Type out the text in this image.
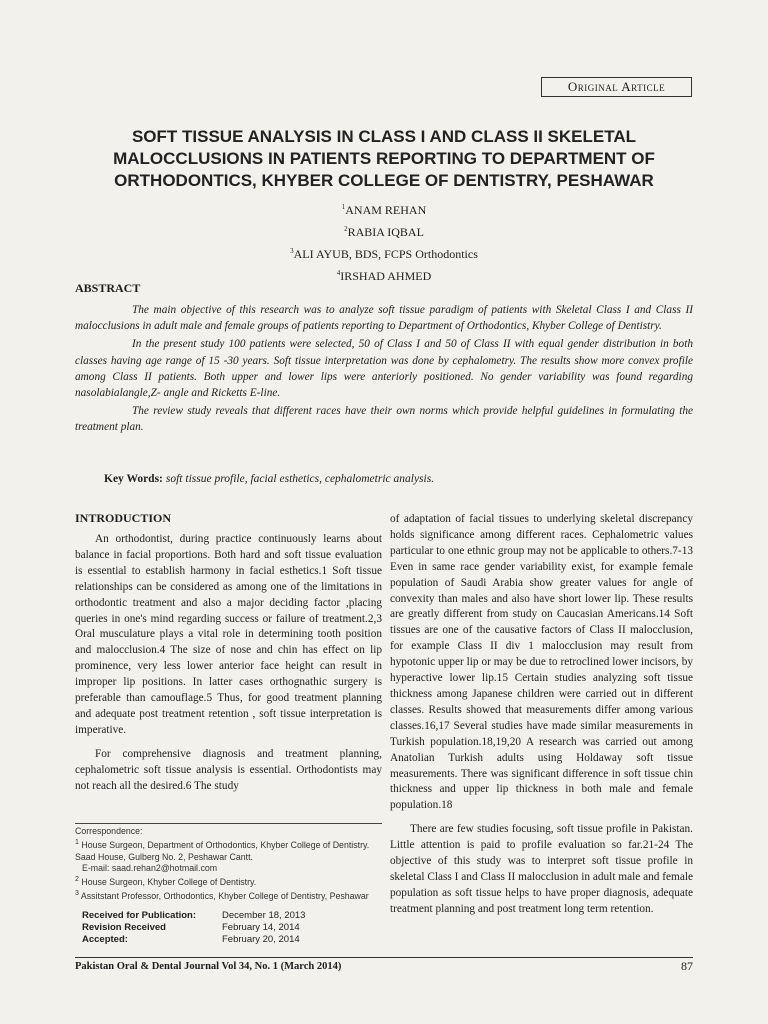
Original Article
SOFT TISSUE ANALYSIS IN CLASS I AND CLASS II SKELETAL MALOCCLUSIONS IN PATIENTS REPORTING TO DEPARTMENT OF ORTHODONTICS, KHYBER COLLEGE OF DENTISTRY, PESHAWAR
$^1$ANAM REHAN
$^2$RABIA IQBAL
$^3$ALI AYUB, BDS, FCPS Orthodontics
$^4$IRSHAD AHMED
ABSTRACT

The main objective of this research was to analyze soft tissue paradigm of patients with Skeletal Class I and Class II malocclusions in adult male and female groups of patients reporting to Department of Orthodontics, Khyber College of Dentistry.

In the present study 100 patients were selected, 50 of Class I and 50 of Class II with equal gender distribution in both classes having age range of 15 -30 years. Soft tissue interpretation was done by cephalometry. The results show more convex profile among Class II patients. Both upper and lower lips were anteriorly positioned. No gender variability was found regarding nasolabialangle,Z- angle and Ricketts E-line.

The review study reveals that different races have their own norms which provide helpful guidelines in formulating the treatment plan.

Key Words: soft tissue profile, facial esthetics, cephalometric analysis.
INTRODUCTION

An orthodontist, during practice continuously learns about balance in facial proportions. Both hard and soft tissue evaluation is essential to establish harmony in facial esthetics.1 Soft tissue relationships can be considered as among one of the limitations in orthodontic treatment and also a major deciding factor ,placing queries in one's mind regarding success or failure of treatment.2,3 Oral musculature plays a vital role in determining tooth position and malocclusion.4 The size of nose and chin has effect on lip prominence, very less lower anterior face height can result in improper lip positions. In latter cases orthognathic surgery is preferable than camouflage.5 Thus, for good treatment planning and adequate post treatment retention , soft tissue interpretation is imperative.

For comprehensive diagnosis and treatment planning, cephalometric soft tissue analysis is essential. Orthodontists may not reach all the desired.6 The study

of adaptation of facial tissues to underlying skeletal discrepancy holds significance among different races. Cephalometric values particular to one ethnic group may not be applicable to others.7-13 Even in same race gender variability exist, for example female population of Saudi Arabia show greater values for angle of convexity than males and also have short lower lip. These results are greatly different from study on Caucasian Americans.14 Soft tissues are one of the causative factors of Class II malocclusion, for example Class II div 1 malocclusion may result from hypotonic upper lip or may be due to retroclined lower incisors, by hyperactive lower lip.15 Certain studies analyzing soft tissue thickness among Japanese children were carried out in different classes. Results showed that measurements differ among various classes.16,17 Several studies have made similar measurements in Turkish population.18,19,20 A research was carried out among Anatolian Turkish adults using Holdaway soft tissue measurements. There was significant difference in soft tissue chin thickness and upper lip thickness in both male and female population.18

There are few studies focusing, soft tissue profile in Pakistan. Little attention is paid to profile evaluation so far.21-24 The objective of this study was to interpret soft tissue profile in skeletal Class I and Class II malocclusion in adult male and female population as soft tissue helps to have proper diagnosis, adequate treatment planning and post treatment long term retention.

Correspondence:
$^1$ House Surgeon, Department of Orthodontics, Khyber College of Dentistry. Saad House, Gulberg No. 2, Peshawar Cantt.
E-mail: saad.rehan2@hotmail.com
$^2$ House Surgeon, Khyber College of Dentistry.
$^3$ Assitstant Professor, Orthodontics, Khyber College of Dentistry, Peshawar
Received for Publication:	December 18, 2013
Revision Received	February 14, 2014
Accepted:	February 20, 2014
Pakistan Oral & Dental Journal Vol 34, No. 1 (March 2014)	87
